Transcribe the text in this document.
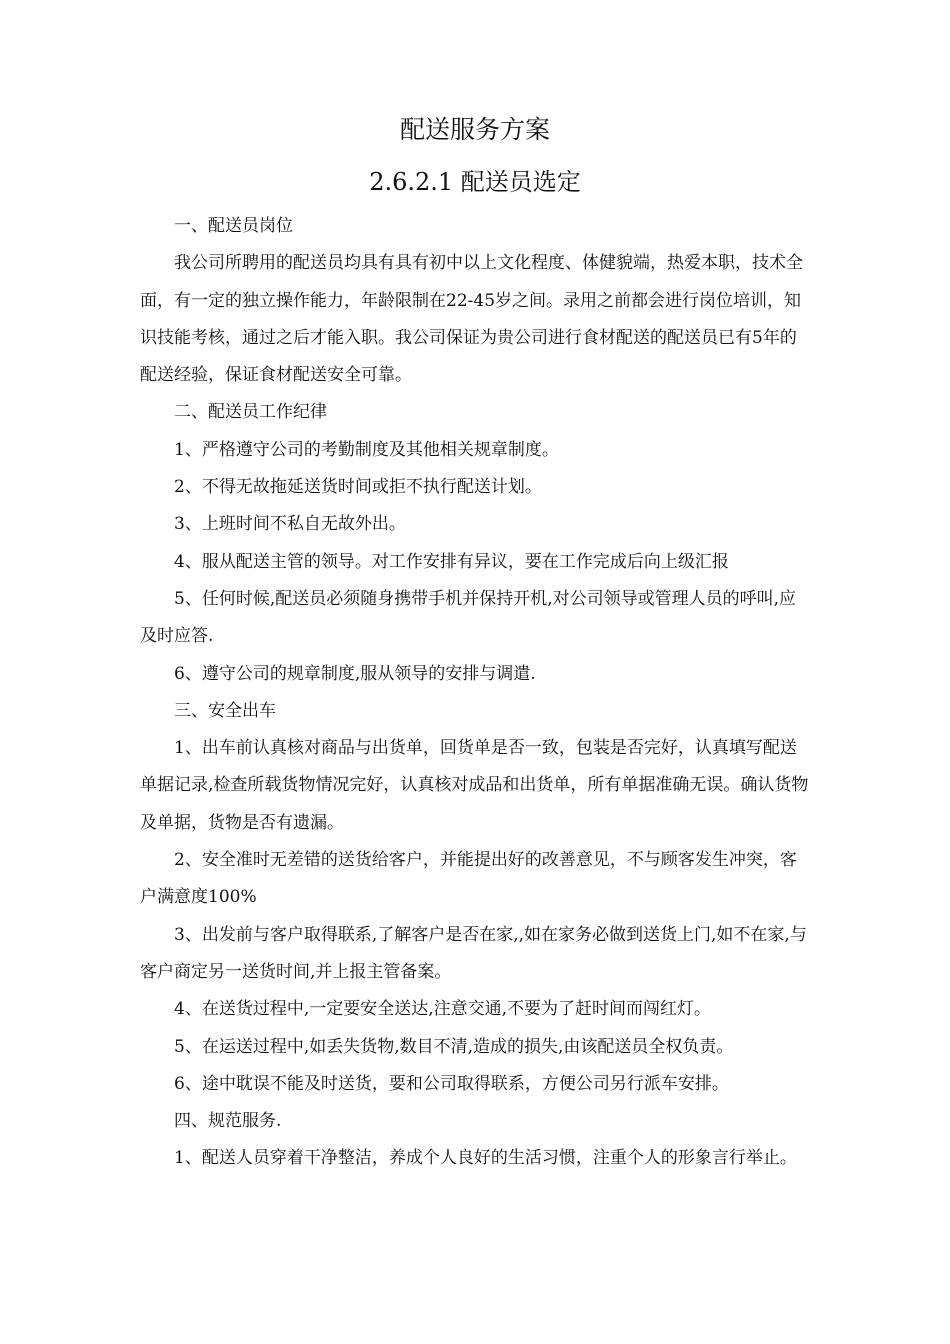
配送服务方案
2.6.2.1 配送员选定

一、配送员岗位

我公司所聘用的配送员均具有具有初中以上文化程度、体健貌端，热爱本职，技术全面，有一定的独立操作能力，年龄限制在22-45岁之间。录用之前都会进行岗位培训，知识技能考核，通过之后才能入职。我公司保证为贵公司进行食材配送的配送员已有5年的配送经验，保证食材配送安全可靠。

二、配送员工作纪律

1、严格遵守公司的考勤制度及其他相关规章制度。

2、不得无故拖延送货时间或拒不执行配送计划。

3、上班时间不私自无故外出。

4、服从配送主管的领导。对工作安排有异议，要在工作完成后向上级汇报

5、任何时候,配送员必须随身携带手机并保持开机,对公司领导或管理人员的呼叫,应及时应答.

6、遵守公司的规章制度,服从领导的安排与调遣.

三、安全出车

1、出车前认真核对商品与出货单，回货单是否一致，包装是否完好，认真填写配送单据记录,检查所载货物情况完好，认真核对成品和出货单，所有单据准确无误。确认货物及单据，货物是否有遗漏。

2、安全准时无差错的送货给客户，并能提出好的改善意见，不与顾客发生冲突，客户满意度100%

3、出发前与客户取得联系,了解客户是否在家,,如在家务必做到送货上门,如不在家,与客户商定另一送货时间,并上报主管备案。

4、在送货过程中,一定要安全送达,注意交通,不要为了赶时间而闯红灯。

5、在运送过程中,如丢失货物,数目不清,造成的损失,由该配送员全权负责。

6、途中耽误不能及时送货，要和公司取得联系，方便公司另行派车安排。

四、规范服务.

1、配送人员穿着干净整洁，养成个人良好的生活习惯，注重个人的形象言行举止。
